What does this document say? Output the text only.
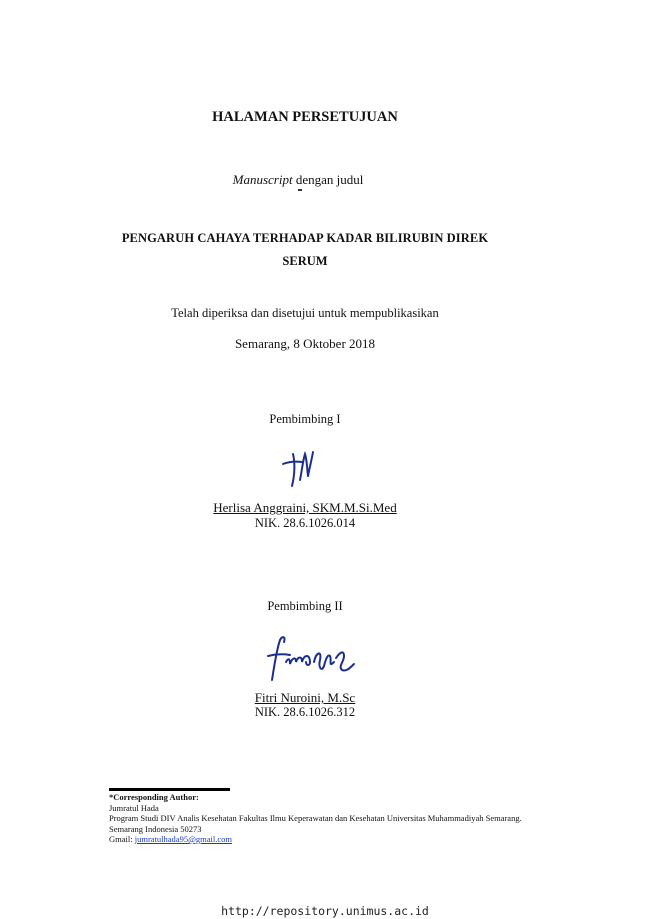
HALAMAN PERSETUJUAN
Manuscript dengan judul
PENGARUH CAHAYA TERHADAP KADAR BILIRUBIN DIREK
SERUM
Telah diperiksa dan disetujui untuk mempublikasikan
Semarang, 8 Oktober 2018
Pembimbing I
Herlisa Anggraini, SKM.M.Si.Med
NIK. 28.6.1026.014
Pembimbing II
Fitri Nuroini, M.Sc
NIK. 28.6.1026.312
*Corresponding Author:
Jumratul Hada
Program Studi DIV Analis Kesehatan Fakultas Ilmu Keperawatan dan Kesehatan Universitas Muhammadiyah Semarang.
Semarang Indonesia 50273
Gmail: jumratulhada95@gmail.com
http://repository.unimus.ac.id
